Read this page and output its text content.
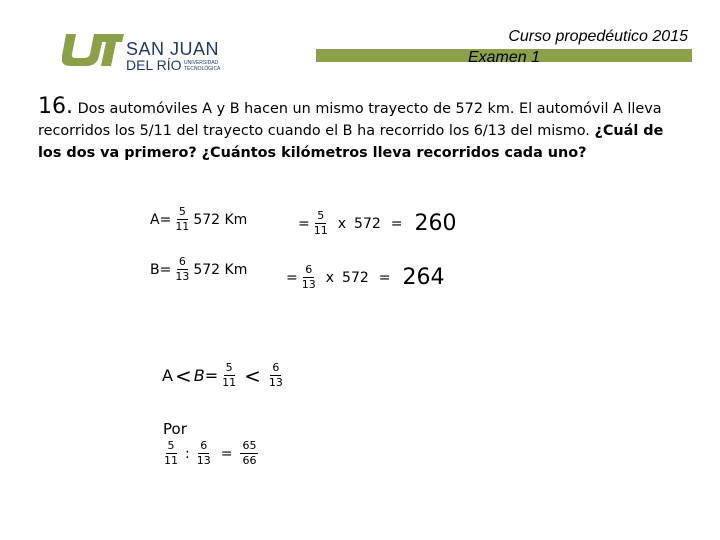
SAN JUAN
DEL RÍO UNIVERSIDAD
TECNOLÓGICA
Examen 1
Curso propedéutico 2015
16. Dos automóviles A y B hacen un mismo trayecto de 572 km. El automóvil A lleva recorridos los 5/11 del trayecto cuando el B ha recorrido los 6/13 del mismo. ¿Cuál de los dos va primero? ¿Cuántos kilómetros lleva recorridos cada uno?
$A= \frac{5}{11} 572$ Km	= $\frac{5}{11}$ x 572 = 260
$B= \frac{6}{13} 572$ Km	= $\frac{6}{13}$ x 572 = 264
$A < B = \frac{5}{11} < \frac{6}{13}$
Por
$\frac{5}{11}$ : $\frac{6}{13} = \frac{65}{66}$
